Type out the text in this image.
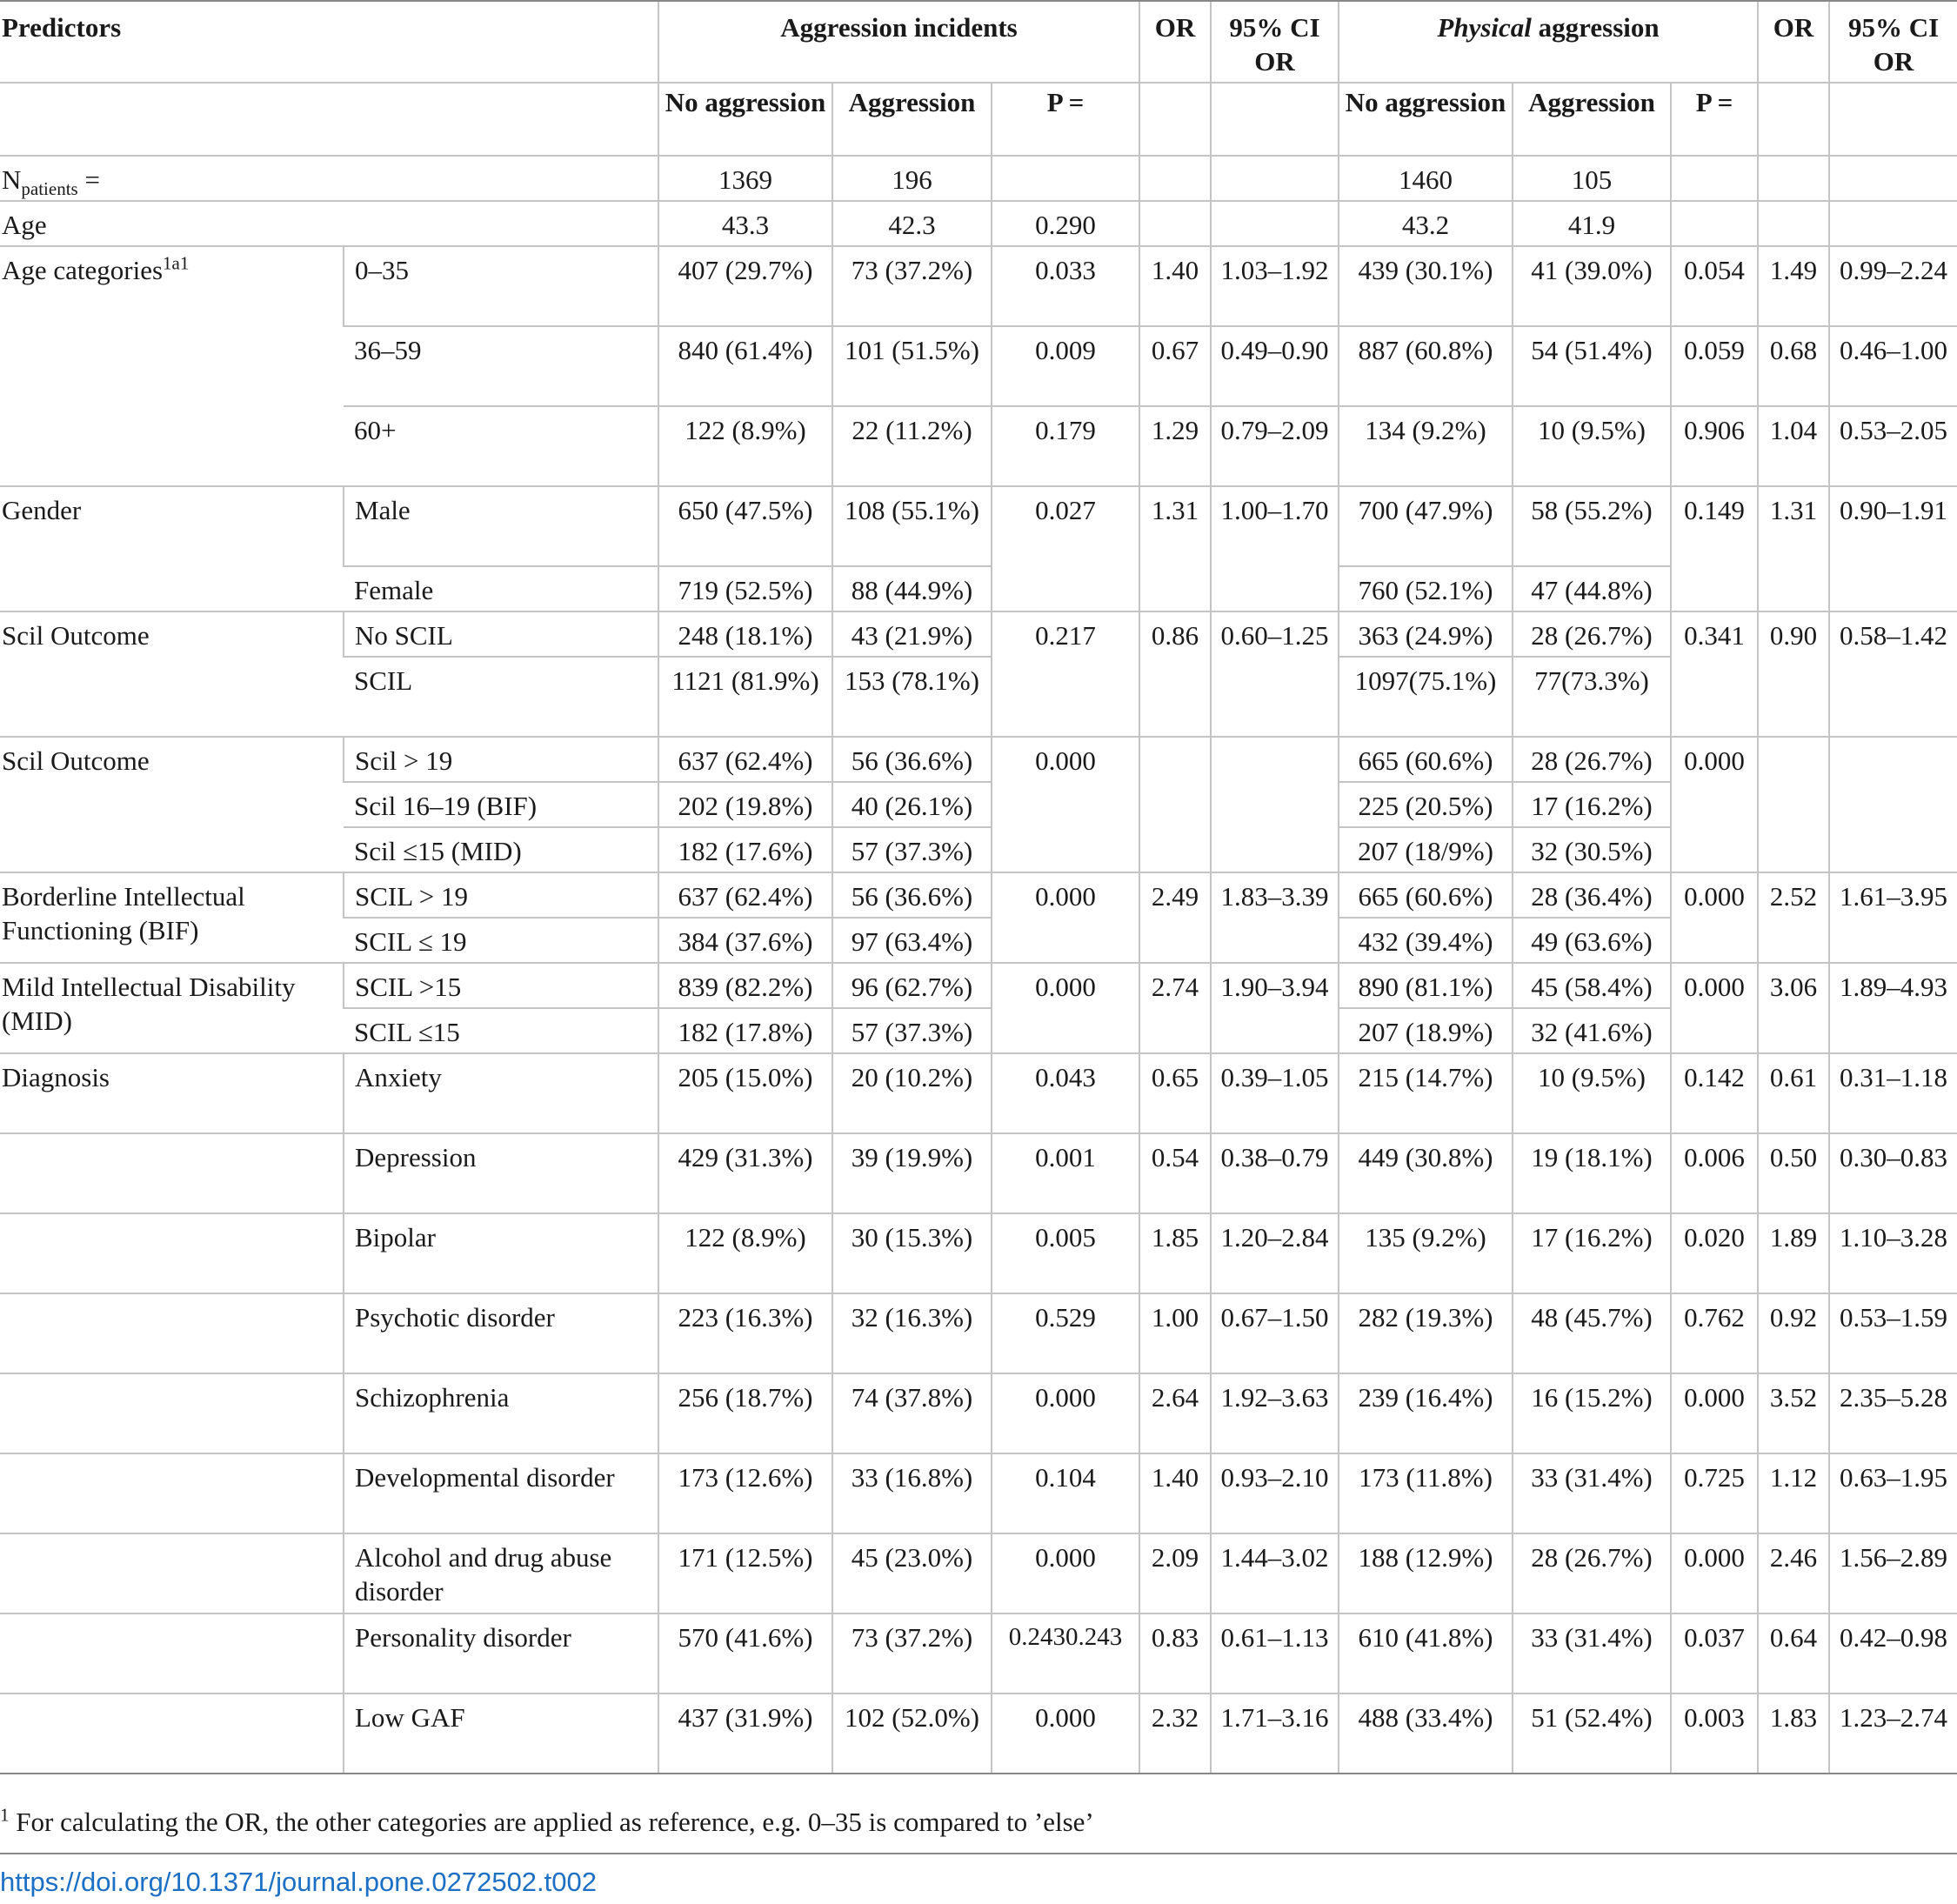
Predictors		Aggression incidents			OR	95% CI OR	Physical aggression			OR	95% CI OR
		No aggression	Aggression	P =			No aggression	Aggression	P =		
$N_{patients}$ =		1369	196				1460	105			
Age		43.3	42.3	0.290			43.2	41.9			
Age categories$^{1a1}$	0–35	407 (29.7%)	73 (37.2%)	0.033	1.40	1.03–1.92	439 (30.1%)	41 (39.0%)	0.054	1.49	0.99–2.24
	36–59	840 (61.4%)	101 (51.5%)	0.009	0.67	0.49–0.90	887 (60.8%)	54 (51.4%)	0.059	0.68	0.46–1.00
	60+	122 (8.9%)	22 (11.2%)	0.179	1.29	0.79–2.09	134 (9.2%)	10 (9.5%)	0.906	1.04	0.53–2.05
Gender	Male	650 (47.5%)	108 (55.1%)	0.027	1.31	1.00–1.70	700 (47.9%)	58 (55.2%)	0.149	1.31	0.90–1.91
	Female	719 (52.5%)	88 (44.9%)				760 (52.1%)	47 (44.8%)			
Scil Outcome	No SCIL	248 (18.1%)	43 (21.9%)	0.217	0.86	0.60–1.25	363 (24.9%)	28 (26.7%)	0.341	0.90	0.58–1.42
	SCIL	1121 (81.9%)	153 (78.1%)				1097(75.1%)	77(73.3%)			
Scil Outcome	Scil > 19	637 (62.4%)	56 (36.6%)	0.000			665 (60.6%)	28 (26.7%)	0.000		
	Scil 16–19 (BIF)	202 (19.8%)	40 (26.1%)				225 (20.5%)	17 (16.2%)			
	Scil ≤15 (MID)	182 (17.6%)	57 (37.3%)				207 (18/9%)	32 (30.5%)			
Borderline Intellectual Functioning (BIF)	SCIL > 19	637 (62.4%)	56 (36.6%)	0.000	2.49	1.83–3.39	665 (60.6%)	28 (36.4%)	0.000	2.52	1.61–3.95
	SCIL ≤ 19	384 (37.6%)	97 (63.4%)				432 (39.4%)	49 (63.6%)			
Mild Intellectual Disability (MID)	SCIL >15	839 (82.2%)	96 (62.7%)	0.000	2.74	1.90–3.94	890 (81.1%)	45 (58.4%)	0.000	3.06	1.89–4.93
	SCIL ≤15	182 (17.8%)	57 (37.3%)				207 (18.9%)	32 (41.6%)			
Diagnosis	Anxiety	205 (15.0%)	20 (10.2%)	0.043	0.65	0.39–1.05	215 (14.7%)	10 (9.5%)	0.142	0.61	0.31–1.18
	Depression	429 (31.3%)	39 (19.9%)	0.001	0.54	0.38–0.79	449 (30.8%)	19 (18.1%)	0.006	0.50	0.30–0.83
	Bipolar	122 (8.9%)	30 (15.3%)	0.005	1.85	1.20–2.84	135 (9.2%)	17 (16.2%)	0.020	1.89	1.10–3.28
	Psychotic disorder	223 (16.3%)	32 (16.3%)	0.529	1.00	0.67–1.50	282 (19.3%)	48 (45.7%)	0.762	0.92	0.53–1.59
	Schizophrenia	256 (18.7%)	74 (37.8%)	0.000	2.64	1.92–3.63	239 (16.4%)	16 (15.2%)	0.000	3.52	2.35–5.28
	Developmental disorder	173 (12.6%)	33 (16.8%)	0.104	1.40	0.93–2.10	173 (11.8%)	33 (31.4%)	0.725	1.12	0.63–1.95
	Alcohol and drug abuse disorder	171 (12.5%)	45 (23.0%)	0.000	2.09	1.44–3.02	188 (12.9%)	28 (26.7%)	0.000	2.46	1.56–2.89
	Personality disorder	570 (41.6%)	73 (37.2%)	0.2430.243	0.83	0.61–1.13	610 (41.8%)	33 (31.4%)	0.037	0.64	0.42–0.98
	Low GAF	437 (31.9%)	102 (52.0%)	0.000	2.32	1.71–3.16	488 (33.4%)	51 (52.4%)	0.003	1.83	1.23–2.74
$^1$ For calculating the OR, the other categories are applied as reference, e.g. 0–35 is compared to ’else’
https://doi.org/10.1371/journal.pone.0272502.t002
